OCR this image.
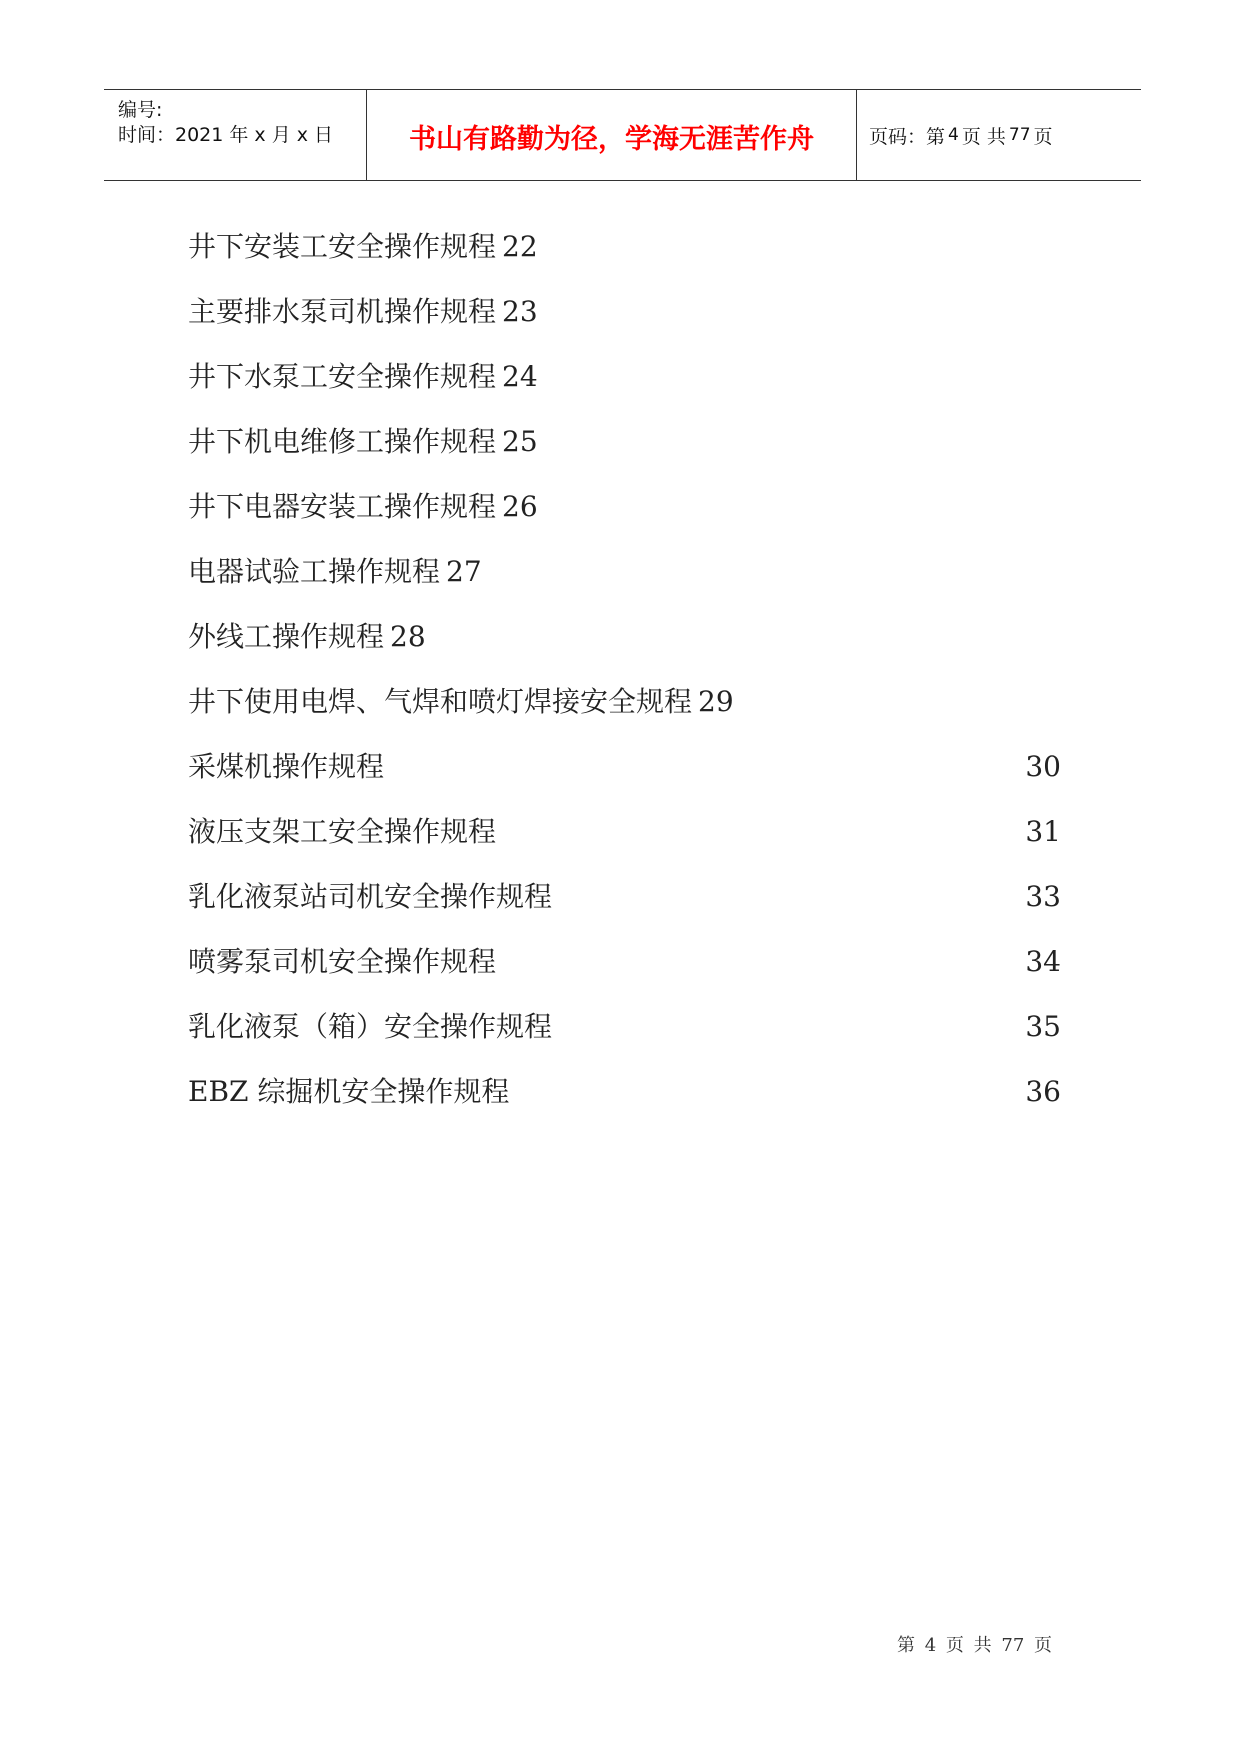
编号:
时间：2021 年 x 月 x 日	书山有路勤为径，学海无涯苦作舟	页码：第 4 页 共 77 页
井下安装工安全操作规程 22
主要排水泵司机操作规程 23
井下水泵工安全操作规程 24
井下机电维修工操作规程 25
井下电器安装工操作规程 26
电器试验工操作规程 27
外线工操作规程 28
井下使用电焊、气焊和喷灯焊接安全规程 29
采煤机操作规程	30
液压支架工安全操作规程	31
乳化液泵站司机安全操作规程	33
喷雾泵司机安全操作规程	34
乳化液泵（箱）安全操作规程	35
EBZ 综掘机安全操作规程	36
第 4 页 共 77 页
